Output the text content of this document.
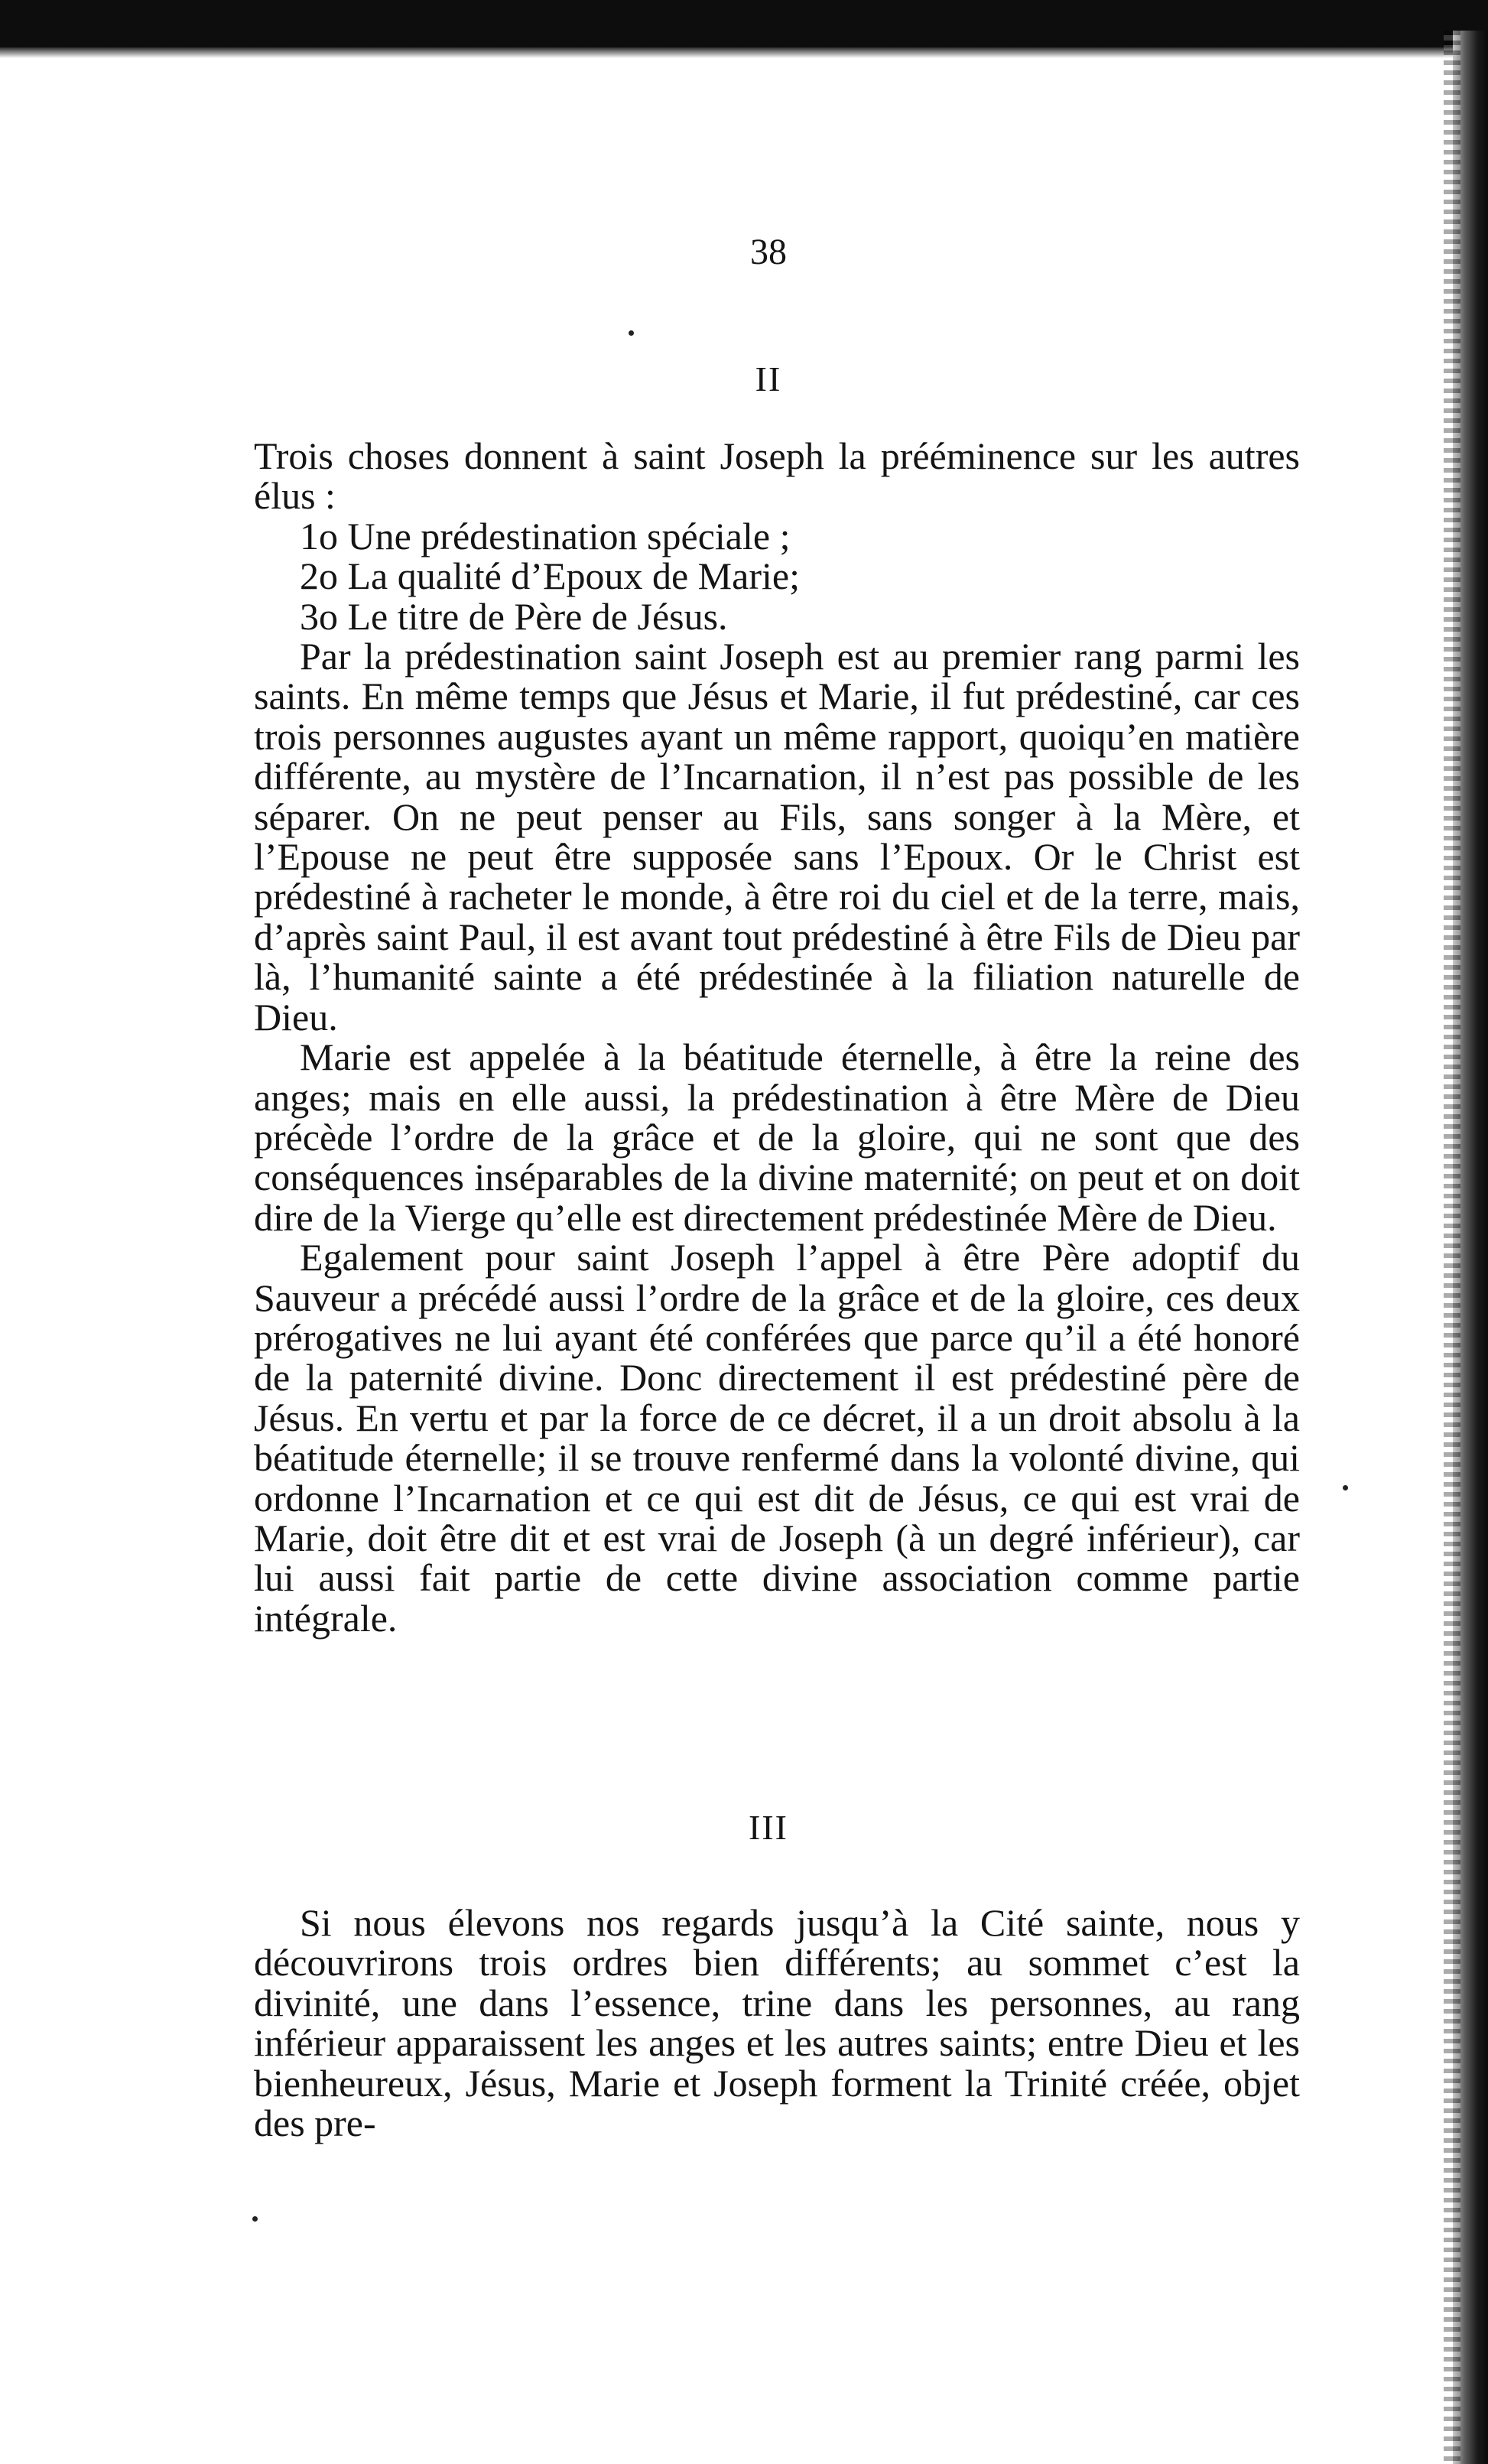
38
II

Trois choses donnent à saint Joseph la prééminence sur les autres élus :

1o Une prédestination spéciale ;

2o La qualité d’Epoux de Marie;

3o Le titre de Père de Jésus.

Par la prédestination saint Joseph est au premier rang parmi les saints. En même temps que Jésus et Marie, il fut prédestiné, car ces trois personnes augustes ayant un même rapport, quoiqu’en matière différente, au mystère de l’Incarnation, il n’est pas possible de les séparer. On ne peut penser au Fils, sans songer à la Mère, et l’Epouse ne peut être supposée sans l’Epoux. Or le Christ est prédestiné à racheter le monde, à être roi du ciel et de la terre, mais, d’après saint Paul, il est avant tout prédestiné à être Fils de Dieu par là, l’humanité sainte a été prédestinée à la filiation naturelle de Dieu.

Marie est appelée à la béatitude éternelle, à être la reine des anges; mais en elle aussi, la prédestination à être Mère de Dieu précède l’ordre de la grâce et de la gloire, qui ne sont que des conséquences inséparables de la divine maternité; on peut et on doit dire de la Vierge qu’elle est directement prédestinée Mère de Dieu.

Egalement pour saint Joseph l’appel à être Père adoptif du Sauveur a précédé aussi l’ordre de la grâce et de la gloire, ces deux prérogatives ne lui ayant été conférées que parce qu’il a été honoré de la paternité divine. Donc directement il est prédestiné père de Jésus. En vertu et par la force de ce décret, il a un droit absolu à la béatitude éternelle; il se trouve renfermé dans la volonté divine, qui ordonne l’Incarnation et ce qui est dit de Jésus, ce qui est vrai de Marie, doit être dit et est vrai de Joseph (à un degré inférieur), car lui aussi fait partie de cette divine association comme partie intégrale.

III

Si nous élevons nos regards jusqu’à la Cité sainte, nous y découvrirons trois ordres bien différents; au sommet c’est la divinité, une dans l’essence, trine dans les personnes, au rang inférieur apparaissent les anges et les autres saints; entre Dieu et les bienheureux, Jésus, Marie et Joseph forment la Trinité créée, objet des pre-
